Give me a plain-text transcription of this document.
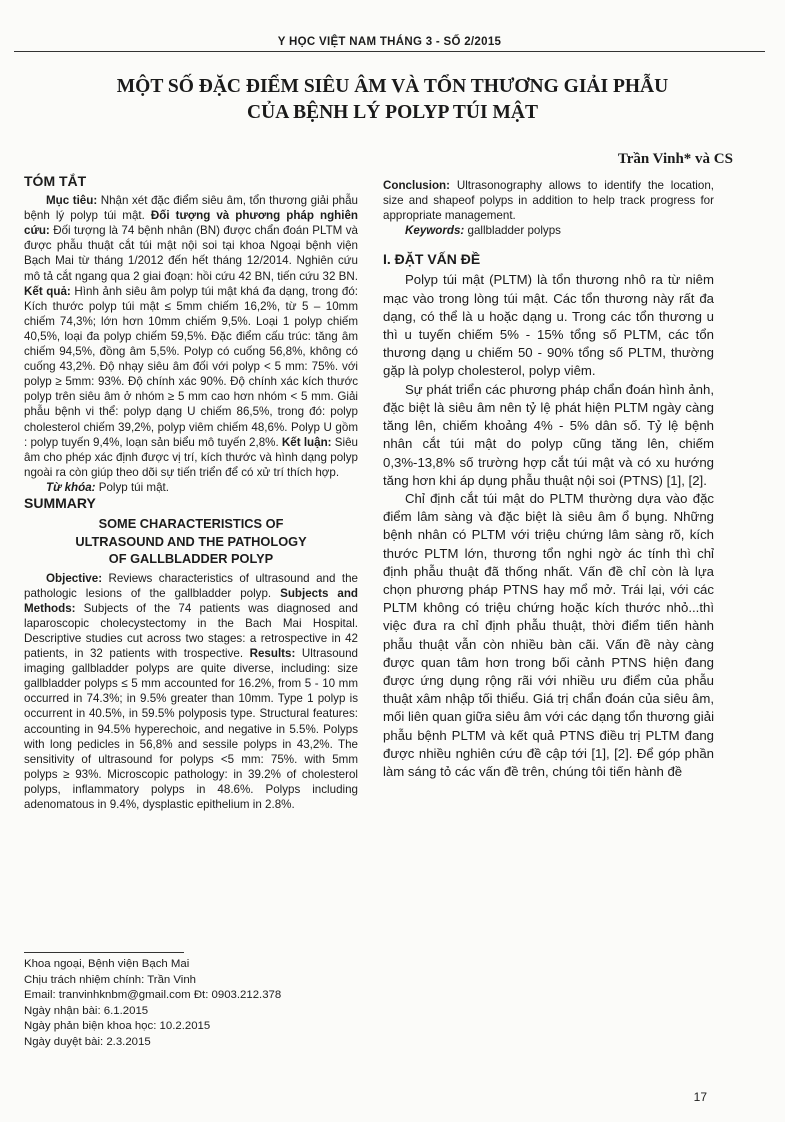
Y HỌC VIỆT NAM THÁNG 3 - SỐ 2/2015
MỘT SỐ ĐẶC ĐIỂM SIÊU ÂM VÀ TỔN THƯƠNG GIẢI PHẪU
CỦA BỆNH LÝ POLYP TÚI MẬT
Trần Vinh* và CS
TÓM TẮT

Mục tiêu: Nhận xét đặc điểm siêu âm, tổn thương giải phẫu bệnh lý polyp túi mật. Đối tượng và phương pháp nghiên cứu: Đối tượng là 74 bệnh nhân (BN) được chẩn đoán PLTM và được phẫu thuật cắt túi mật nội soi tại khoa Ngoại bệnh viện Bạch Mai từ tháng 1/2012 đến hết tháng 12/2014. Nghiên cứu mô tả cắt ngang qua 2 giai đoạn: hồi cứu 42 BN, tiến cứu 32 BN. Kết quả: Hình ảnh siêu âm polyp túi mật khá đa dạng, trong đó: Kích thước polyp túi mật ≤ 5mm chiếm 16,2%, từ 5 – 10mm chiếm 74,3%; lớn hơn 10mm chiếm 9,5%. Loại 1 polyp chiếm 40,5%, loại đa polyp chiếm 59,5%. Đặc điểm cấu trúc: tăng âm chiếm 94,5%, đồng âm 5,5%. Polyp có cuống 56,8%, không có cuống 43,2%. Độ nhạy siêu âm đối với polyp < 5 mm: 75%. với polyp ≥ 5mm: 93%. Độ chính xác 90%. Độ chính xác kích thước polyp trên siêu âm ở nhóm ≥ 5 mm cao hơn nhóm < 5 mm. Giải phẫu bệnh vi thể: polyp dạng U chiếm 86,5%, trong đó: polyp cholesterol chiếm 39,2%, polyp viêm chiếm 48,6%. Polyp U gồm : polyp tuyến 9,4%, loạn sản biểu mô tuyến 2,8%. Kết luận: Siêu âm cho phép xác định được vị trí, kích thước và hình dạng polyp ngoài ra còn giúp theo dõi sự tiến triển để có xử trí thích hợp.

Từ khóa: Polyp túi mật.

SUMMARY
SOME CHARACTERISTICS OF
ULTRASOUND AND THE PATHOLOGY
OF GALLBLADDER POLYP

Objective: Reviews characteristics of ultrasound and the pathologic lesions of the gallbladder polyp. Subjects and Methods: Subjects of the 74 patients was diagnosed and laparoscopic cholecystectomy in the Bach Mai Hospital. Descriptive studies cut across two stages: a retrospective in 42 patients, in 32 patients with trospective. Results: Ultrasound imaging gallbladder polyps are quite diverse, including: size gallbladder polyps ≤ 5 mm accounted for 16.2%, from 5 - 10 mm occurred in 74.3%; in 9.5% greater than 10mm. Type 1 polyp is occurrent in 40.5%, in 59.5% polyposis type. Structural features: accounting in 94.5% hyperechoic, and negative in 5.5%. Polyps with long pedicles in 56,8% and sessile polyps in 43,2%. The sensitivity of ultrasound for polyps <5 mm: 75%. with 5mm polyps ≥ 93%. Microscopic pathology: in 39.2% of cholesterol polyps, inflammatory polyps in 48.6%. Polyps including adenomatous in 9.4%, dysplastic epithelium in 2.8%.

Conclusion: Ultrasonography allows to identify the location, size and shapeof polyps in addition to help track progress for appropriate management.

Keywords: gallbladder polyps

I. ĐẶT VẤN ĐỀ

Polyp túi mật (PLTM) là tổn thương nhô ra từ niêm mạc vào trong lòng túi mật. Các tổn thương này rất đa dạng, có thể là u hoặc dạng u. Trong các tổn thương u thì u tuyến chiếm 5% - 15% tổng số PLTM, các tổn thương dạng u chiếm 50 - 90% tổng số PLTM, thường gặp là polyp cholesterol, polyp viêm.

Sự phát triển các phương pháp chẩn đoán hình ảnh, đặc biệt là siêu âm nên tỷ lệ phát hiện PLTM ngày càng tăng lên, chiếm khoảng 4% - 5% dân số. Tỷ lệ bệnh nhân cắt túi mật do polyp cũng tăng lên, chiếm 0,3%-13,8% số trường hợp cắt túi mật và có xu hướng tăng hơn khi áp dụng phẫu thuật nội soi (PTNS) [1], [2].

Chỉ định cắt túi mật do PLTM thường dựa vào đặc điểm lâm sàng và đặc biệt là siêu âm ổ bụng. Những bệnh nhân có PLTM với triệu chứng lâm sàng rõ, kích thước PLTM lớn, thương tổn nghi ngờ ác tính thì chỉ định phẫu thuật đã thống nhất. Vấn đề chỉ còn là lựa chọn phương pháp PTNS hay mổ mở. Trái lại, với các PLTM không có triệu chứng hoặc kích thước nhỏ...thì việc đưa ra chỉ định phẫu thuật, thời điểm tiến hành phẫu thuật vẫn còn nhiều bàn cãi. Vấn đề này càng được quan tâm hơn trong bối cảnh PTNS hiện đang được ứng dụng rộng rãi với nhiều ưu điểm của phẫu thuật xâm nhập tối thiểu. Giá trị chẩn đoán của siêu âm, mối liên quan giữa siêu âm với các dạng tổn thương giải phẫu bệnh PLTM và kết quả PTNS điều trị PLTM đang được nhiều nghiên cứu đề cập tới [1], [2]. Để góp phần làm sáng tỏ các vấn đề trên, chúng tôi tiến hành đề

Khoa ngoại, Bệnh viện Bạch Mai
Chịu trách nhiệm chính: Trần Vinh
Email: tranvinhknbm@gmail.com Đt: 0903.212.378
Ngày nhận bài: 6.1.2015
Ngày phản biện khoa học: 10.2.2015
Ngày duyệt bài: 2.3.2015
17
